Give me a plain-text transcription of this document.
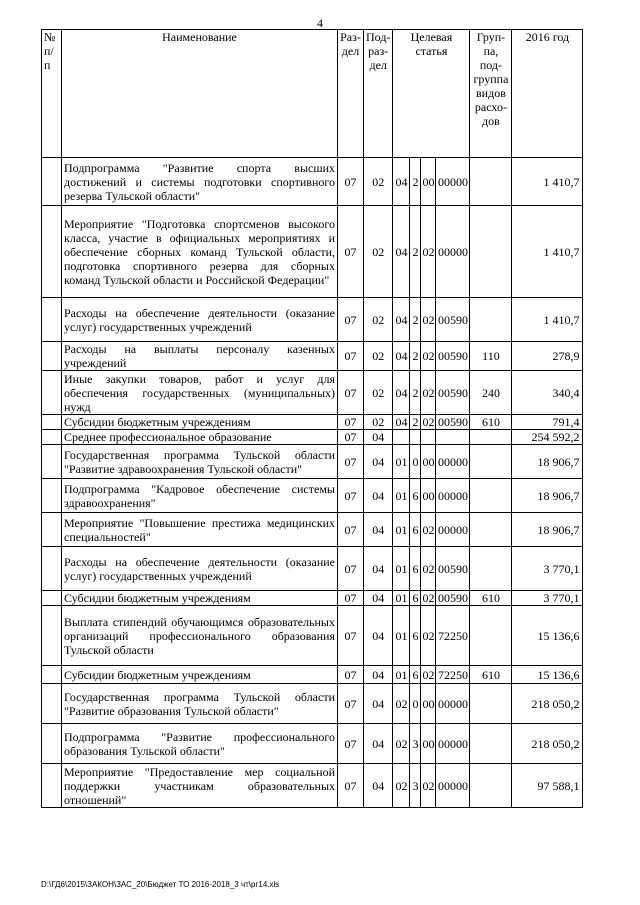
4
№ п/ п	Наименование	Раздел	Подраздел	Целевая статья				Группа, подгруппа видов расходов	2016 год
	Подпрограмма "Развитие спорта высших достижений и системы подготовки спортивного резерва Тульской области"	07	02	04	2	00	00000		1 410,7
	Мероприятие "Подготовка спортсменов высокого класса, участие в официальных мероприятиях и обеспечение сборных команд Тульской области, подготовка спортивного резерва для сборных команд Тульской области и Российской Федерации"	07	02	04	2	02	00000		1 410,7
	Расходы на обеспечение деятельности (оказание услуг) государственных учреждений	07	02	04	2	02	00590		1 410,7
	Расходы на выплаты персоналу казенных учреждений	07	02	04	2	02	00590	110	278,9
	Иные закупки товаров, работ и услуг для обеспечения государственных (муниципальных) нужд	07	02	04	2	02	00590	240	340,4
	Субсидии бюджетным учреждениям	07	02	04	2	02	00590	610	791,4
	Среднее профессиональное образование	07	04						254 592,2
	Государственная программа Тульской области "Развитие здравоохранения Тульской области"	07	04	01	0	00	00000		18 906,7
	Подпрограмма "Кадровое обеспечение системы здравоохранения"	07	04	01	6	00	00000		18 906,7
	Мероприятие "Повышение престижа медицинских специальностей"	07	04	01	6	02	00000		18 906,7
	Расходы на обеспечение деятельности (оказание услуг) государственных учреждений	07	04	01	6	02	00590		3 770,1
	Субсидии бюджетным учреждениям	07	04	01	6	02	00590	610	3 770,1
	Выплата стипендий обучающимся образовательных организаций профессионального образования Тульской области	07	04	01	6	02	72250		15 136,6
	Субсидии бюджетным учреждениям	07	04	01	6	02	72250	610	15 136,6
	Государственная программа Тульской области "Развитие образования Тульской области"	07	04	02	0	00	00000		218 050,2
	Подпрограмма "Развитие профессионального образования Тульской области"	07	04	02	3	00	00000		218 050,2
	Мероприятие "Предоставление мер социальной поддержки участникам образовательных отношений"	07	04	02	3	02	00000		97 588,1
D:\ГД6\2015\ЗАКОН\ЗАС_20\Бюджет ТО 2016-2018_3 чт\рг14.xls
